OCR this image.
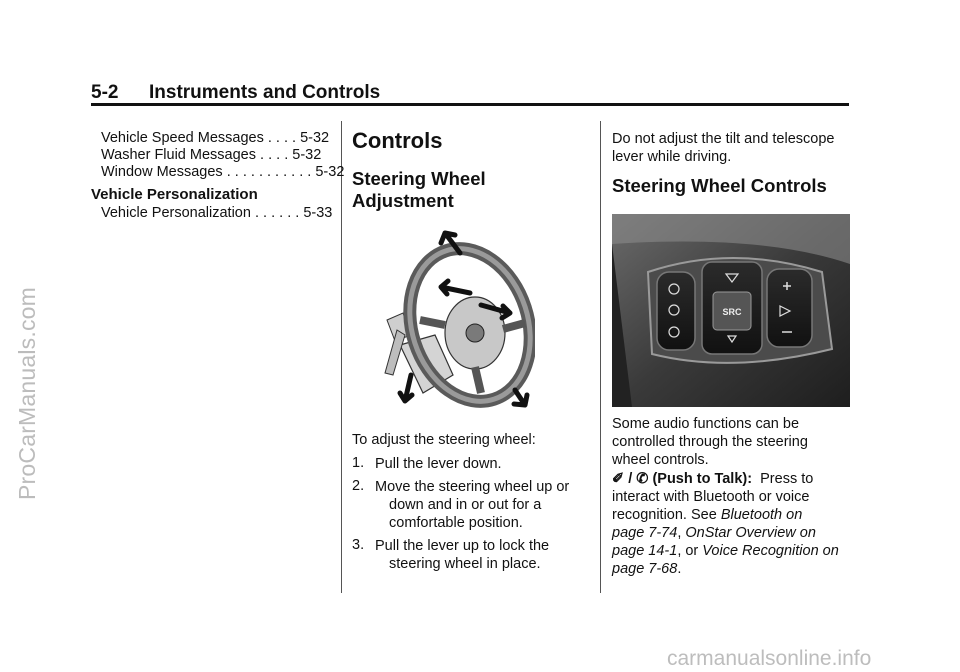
ProCarManuals.com
carmanualsonline.info
5-2 Instruments and Controls
Vehicle Speed Messages . . . . 5-32
Washer Fluid Messages . . . . 5-32
Window Messages . . . . . . . . . . . 5-32
Vehicle Personalization
Vehicle Personalization . . . . . . 5-33
Controls
Steering Wheel
Adjustment
To adjust the steering wheel:
1. Pull the lever down.
2. Move the steering wheel up or
down and in or out for a
comfortable position.
3. Pull the lever up to lock the
steering wheel in place.
Do not adjust the tilt and telescope
lever while driving.
Steering Wheel Controls
SRC
Some audio functions can be
controlled through the steering
wheel controls.
✐ / ✆ (Push to Talk): Press to
interact with Bluetooth or voice
recognition. See Bluetooth on
page 7-74, OnStar Overview on
page 14-1, or Voice Recognition on
page 7-68.
